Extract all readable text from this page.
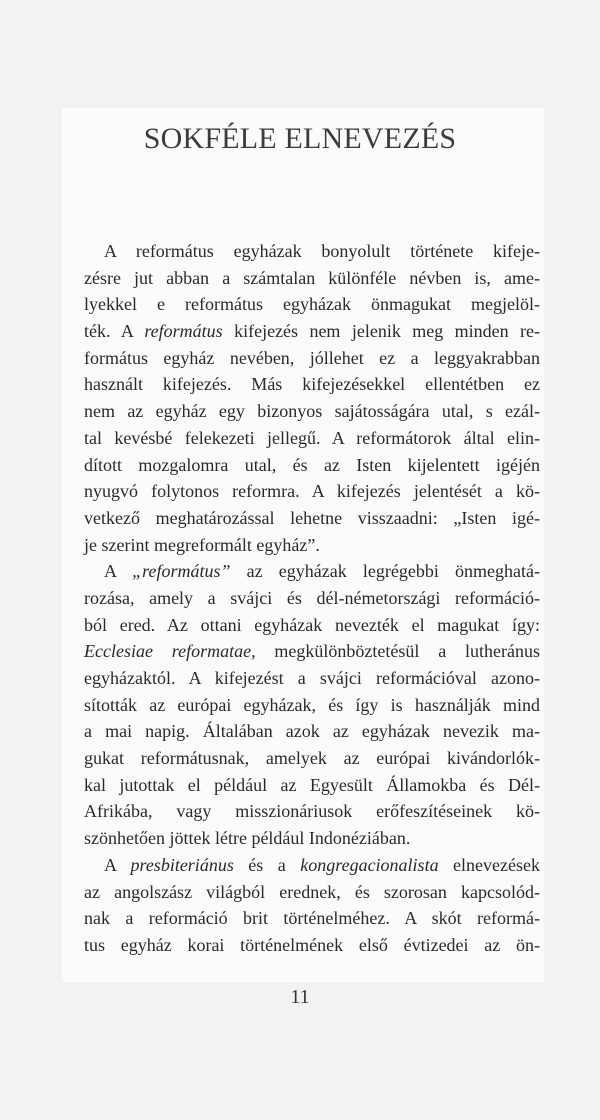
SOKFÉLE ELNEVEZÉS
A református egyházak bonyolult története kifeje-
zésre jut abban a számtalan különféle névben is, ame-
lyekkel e református egyházak önmagukat megjelöl-
ték. A református kifejezés nem jelenik meg minden re-
formátus egyház nevében, jóllehet ez a leggyakrabban
használt kifejezés. Más kifejezésekkel ellentétben ez
nem az egyház egy bizonyos sajátosságára utal, s ezál-
tal kevésbé felekezeti jellegű. A reformátorok által elin-
dított mozgalomra utal, és az Isten kijelentett igéjén
nyugvó folytonos reformra. A kifejezés jelentését a kö-
vetkező meghatározással lehetne visszaadni: „Isten igé-
je szerint megreformált egyház”.
A „református” az egyházak legrégebbi önmeghatá-
rozása, amely a svájci és dél-németországi reformáció-
ból ered. Az ottani egyházak nevezték el magukat így:
Ecclesiae reformatae, megkülönböztetésül a lutheránus
egyházaktól. A kifejezést a svájci reformációval azono-
sították az európai egyházak, és így is használják mind
a mai napig. Általában azok az egyházak nevezik ma-
gukat reformátusnak, amelyek az európai kivándorlók-
kal jutottak el például az Egyesült Államokba és Dél-
Afrikába, vagy misszionáriusok erőfeszítéseinek kö-
szönhetően jöttek létre például Indonéziában.
A presbiteriánus és a kongregacionalista elnevezések
az angolszász világból erednek, és szorosan kapcsolód-
nak a reformáció brit történelméhez. A skót reformá-
tus egyház korai történelmének első évtizedei az ön-
11
